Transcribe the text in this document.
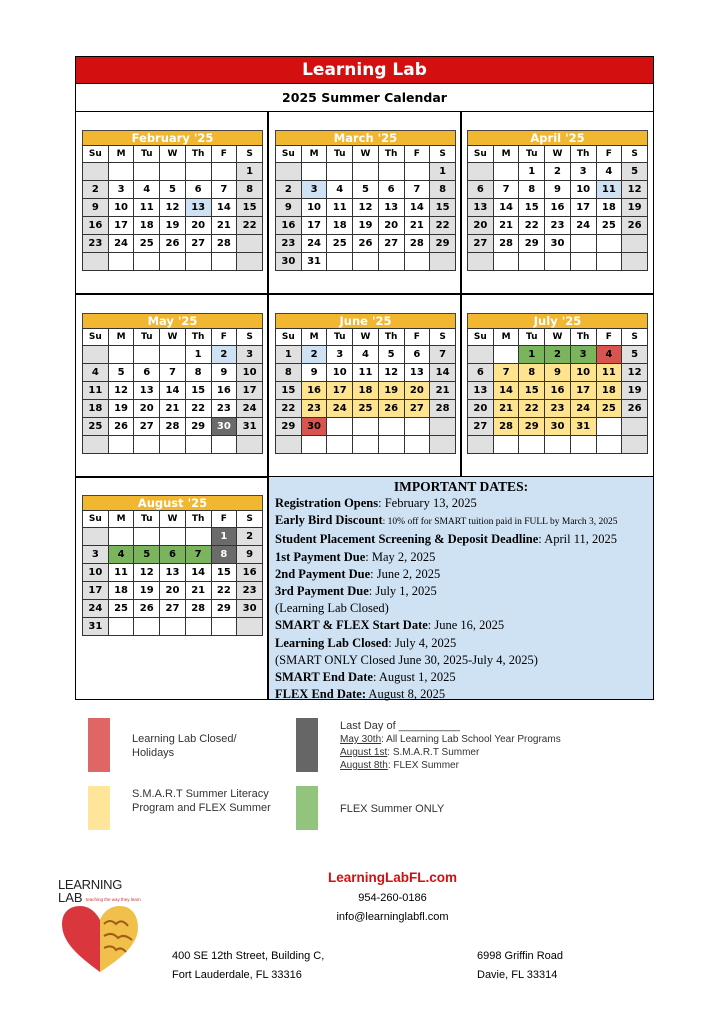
Learning Lab
2025 Summer Calendar
February '25
Su	M	Tu	W	Th	F	S
						1
2	3	4	5	6	7	8
9	10	11	12	13	14	15
16	17	18	19	20	21	22
23	24	25	26	27	28	

March '25
Su	M	Tu	W	Th	F	S
						1
2	3	4	5	6	7	8
9	10	11	12	13	14	15
16	17	18	19	20	21	22
23	24	25	26	27	28	29
30	31					
April '25
Su	M	Tu	W	Th	F	S
		1	2	3	4	5
6	7	8	9	10	11	12
13	14	15	16	17	18	19
20	21	22	23	24	25	26
27	28	29	30			

May '25
Su	M	Tu	W	Th	F	S
				1	2	3
4	5	6	7	8	9	10
11	12	13	14	15	16	17
18	19	20	21	22	23	24
25	26	27	28	29	30	31

June '25
Su	M	Tu	W	Th	F	S
1	2	3	4	5	6	7
8	9	10	11	12	13	14
15	16	17	18	19	20	21
22	23	24	25	26	27	28
29	30					

July '25
Su	M	Tu	W	Th	F	S
		1	2	3	4	5
6	7	8	9	10	11	12
13	14	15	16	17	18	19
20	21	22	23	24	25	26
27	28	29	30	31		

August '25
Su	M	Tu	W	Th	F	S
					1	2
3	4	5	6	7	8	9
10	11	12	13	14	15	16
17	18	19	20	21	22	23
24	25	26	27	28	29	30
31						
IMPORTANT DATES:
Registration Opens: February 13, 2025
Early Bird Discount: 10% off for SMART tuition paid in FULL by March 3, 2025
Student Placement Screening & Deposit Deadline: April 11, 2025
1st Payment Due: May 2, 2025
2nd Payment Due: June 2, 2025
3rd Payment Due: July 1, 2025
(Learning Lab Closed)
SMART & FLEX Start Date: June 16, 2025
Learning Lab Closed: July 4, 2025
(SMART ONLY Closed June 30, 2025-July 4, 2025)
SMART End Date: August 1, 2025
FLEX End Date: August 8, 2025
Learning Lab Closed/ Holidays
S.M.A.R.T Summer Literacy Program and FLEX Summer
Last Day of __________
May 30th: All Learning Lab School Year Programs
August 1st: S.M.A.R.T Summer
August 8th: FLEX Summer
FLEX Summer ONLY
LEARNING
LAB teaching the way they learn
LearningLabFL.com
954-260-0186
info@learninglabfl.com
400 SE 12th Street, Building C,
Fort Lauderdale, FL 33316
6998 Griffin Road
Davie, FL 33314
